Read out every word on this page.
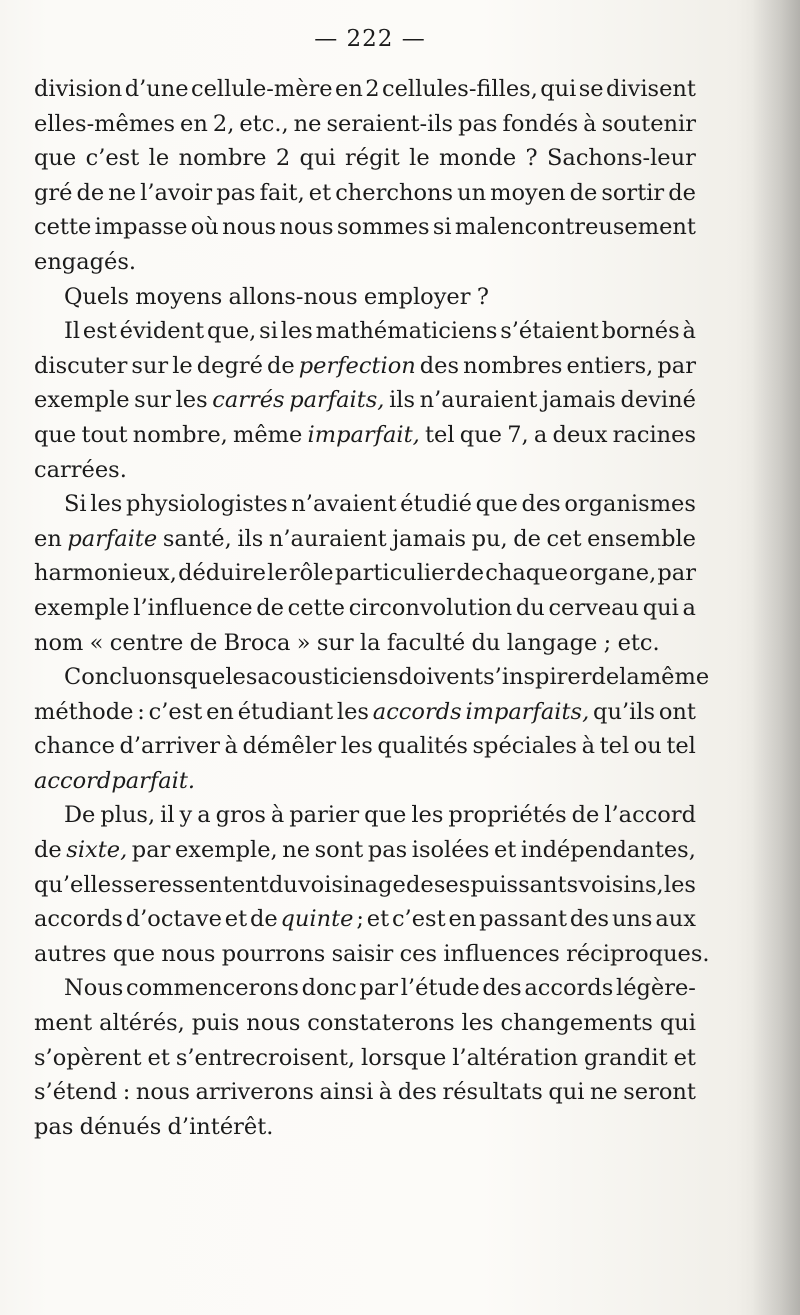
— 222 —
division d’une cellule-mère en 2 cellules-filles, qui se divisent
elles-mêmes en 2, etc., ne seraient-ils pas fondés à soutenir
que c’est le nombre 2 qui régit le monde ? Sachons-leur
gré de ne l’avoir pas fait, et cherchons un moyen de sortir de
cette impasse où nous nous sommes si malencontreusement
engagés.
Quels moyens allons-nous employer ?
Il est évident que, si les mathématiciens s’étaient bornés à
discuter sur le degré de perfection des nombres entiers, par
exemple sur les carrés parfaits, ils n’auraient jamais deviné
que tout nombre, même imparfait, tel que 7, a deux racines
carrées.
Si les physiologistes n’avaient étudié que des organismes
en parfaite santé, ils n’auraient jamais pu, de cet ensemble
harmonieux, déduire le rôle particulier de chaque organe, par
exemple l’influence de cette circonvolution du cerveau qui a
nom « centre de Broca » sur la faculté du langage ; etc.
Concluons que les acousticiens doivent s’inspirer de la même
méthode : c’est en étudiant les accords imparfaits, qu’ils ont
chance d’arriver à démêler les qualités spéciales à tel ou tel
accord parfait.
De plus, il y a gros à parier que les propriétés de l’accord
de sixte, par exemple, ne sont pas isolées et indépendantes,
qu’elles se ressentent du voisinage de ses puissants voisins, les
accords d’octave et de quinte ; et c’est en passant des uns aux
autres que nous pourrons saisir ces influences réciproques.
Nous commencerons donc par l’étude des accords légère-
ment altérés, puis nous constaterons les changements qui
s’opèrent et s’entrecroisent, lorsque l’altération grandit et
s’étend : nous arriverons ainsi à des résultats qui ne seront
pas dénués d’intérêt.
